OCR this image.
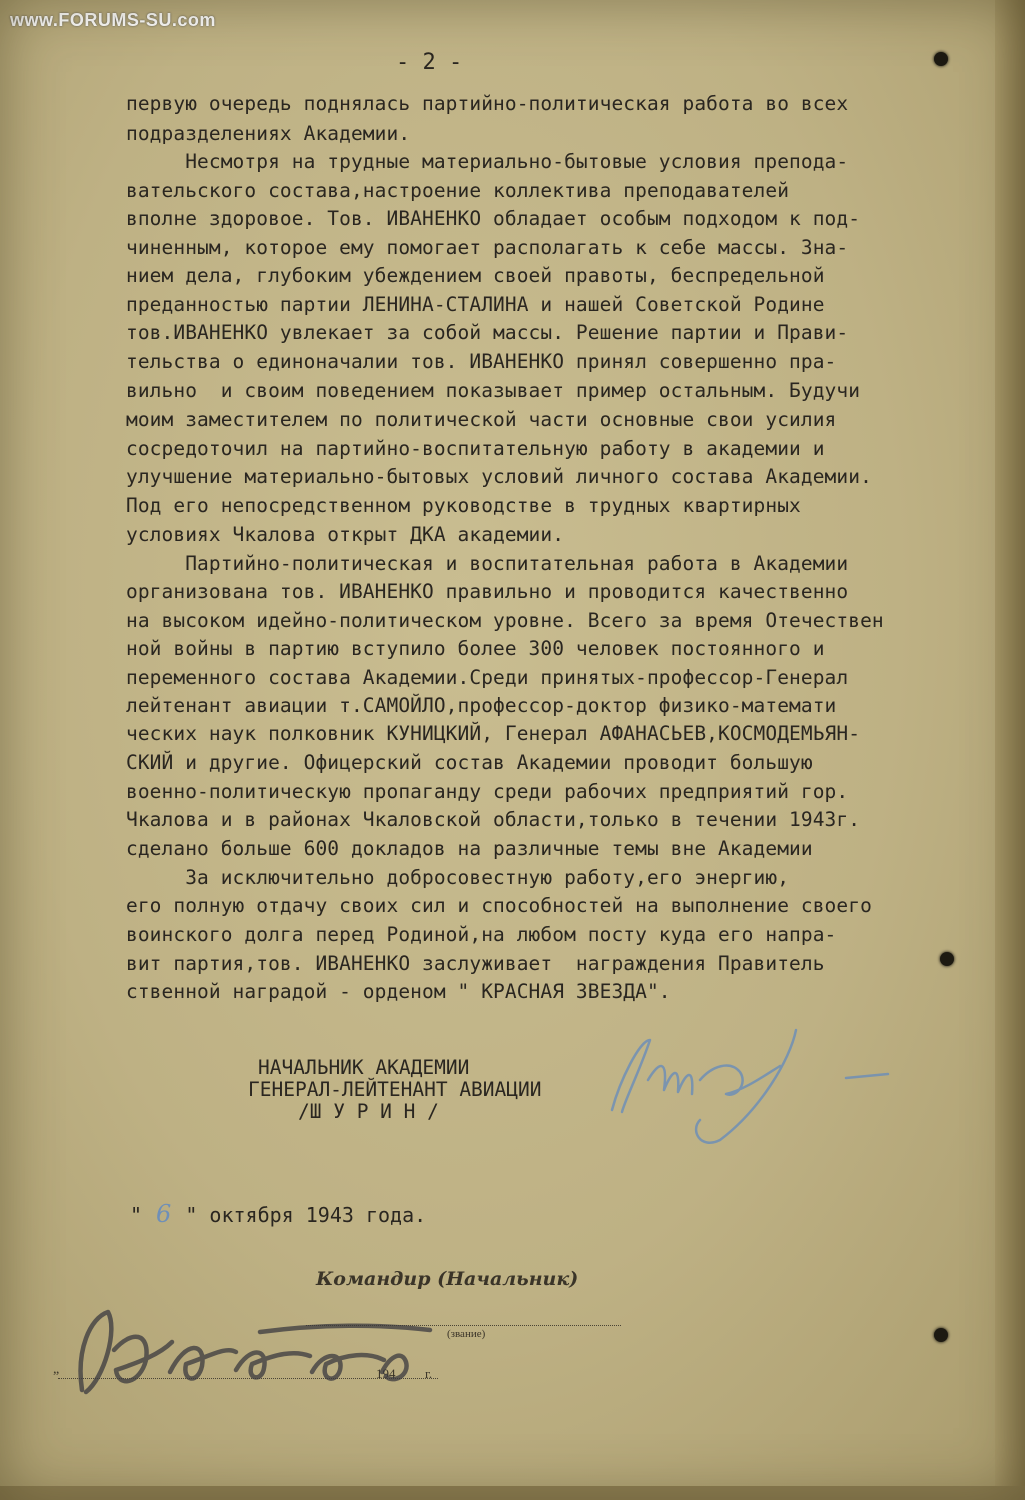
www.FORUMS-SU.com
- 2 -
первую очередь поднялась партийно-политическая работа во всех
подразделениях Академии.
Несмотря на трудные материально-бытовые условия препода-
вательского состава,настроение коллектива преподавателей
вполне здоровое. Тов. ИВАНЕНКО обладает особым подходом к под-
чиненным, которое ему помогает располагать к себе массы. Зна-
нием дела, глубоким убеждением своей правоты, беспредельной
преданностью партии ЛЕНИНА-СТАЛИНА и нашей Советской Родине
тов.ИВАНЕНКО увлекает за собой массы. Решение партии и Прави-
тельства о единоначалии тов. ИВАНЕНКО принял совершенно пра-
вильно  и своим поведением показывает пример остальным. Будучи
моим заместителем по политической части основные свои усилия
сосредоточил на партийно-воспитательную работу в академии и
улучшение материально-бытовых условий личного состава Академии.
Под его непосредственном руководстве в трудных квартирных
условиях Чкалова открыт ДКА академии.
Партийно-политическая и воспитательная работа в Академии
организована тов. ИВАНЕНКО правильно и проводится качественно
на высоком идейно-политическом уровне. Всего за время Отечествен
ной войны в партию вступило более 300 человек постоянного и
переменного состава Академии.Среди принятых-профессор-Генерал
лейтенант авиации т.САМОЙЛО,профессор-доктор физико-математи
ческих наук полковник КУНИЦКИЙ, Генерал АФАНАСЬЕВ,КОСМОДЕМЬЯН-
СКИЙ и другие. Офицерский состав Академии проводит большую
военно-политическую пропаганду среди рабочих предприятий гор.
Чкалова и в районах Чкаловской области,только в течении 1943г.
сделано больше 600 докладов на различные темы вне Академии
За исключительно добросовестную работу,его энергию,
его полную отдачу своих сил и способностей на выполнение своего
воинского долга перед Родиной,на любом посту куда его напра-
вит партия,тов. ИВАНЕНКО заслуживает  награждения Правитель
ственной наградой - орденом " КРАСНАЯ ЗВЕЗДА".
НАЧАЛЬНИК АКАДЕМИИ
ГЕНЕРАЛ-ЛЕЙТЕНАНТ АВИАЦИИ
/Ш У Р И Н /
" 6 " октября 1943 года.
Командир (Начальник)
(звание)
„	194 г.
